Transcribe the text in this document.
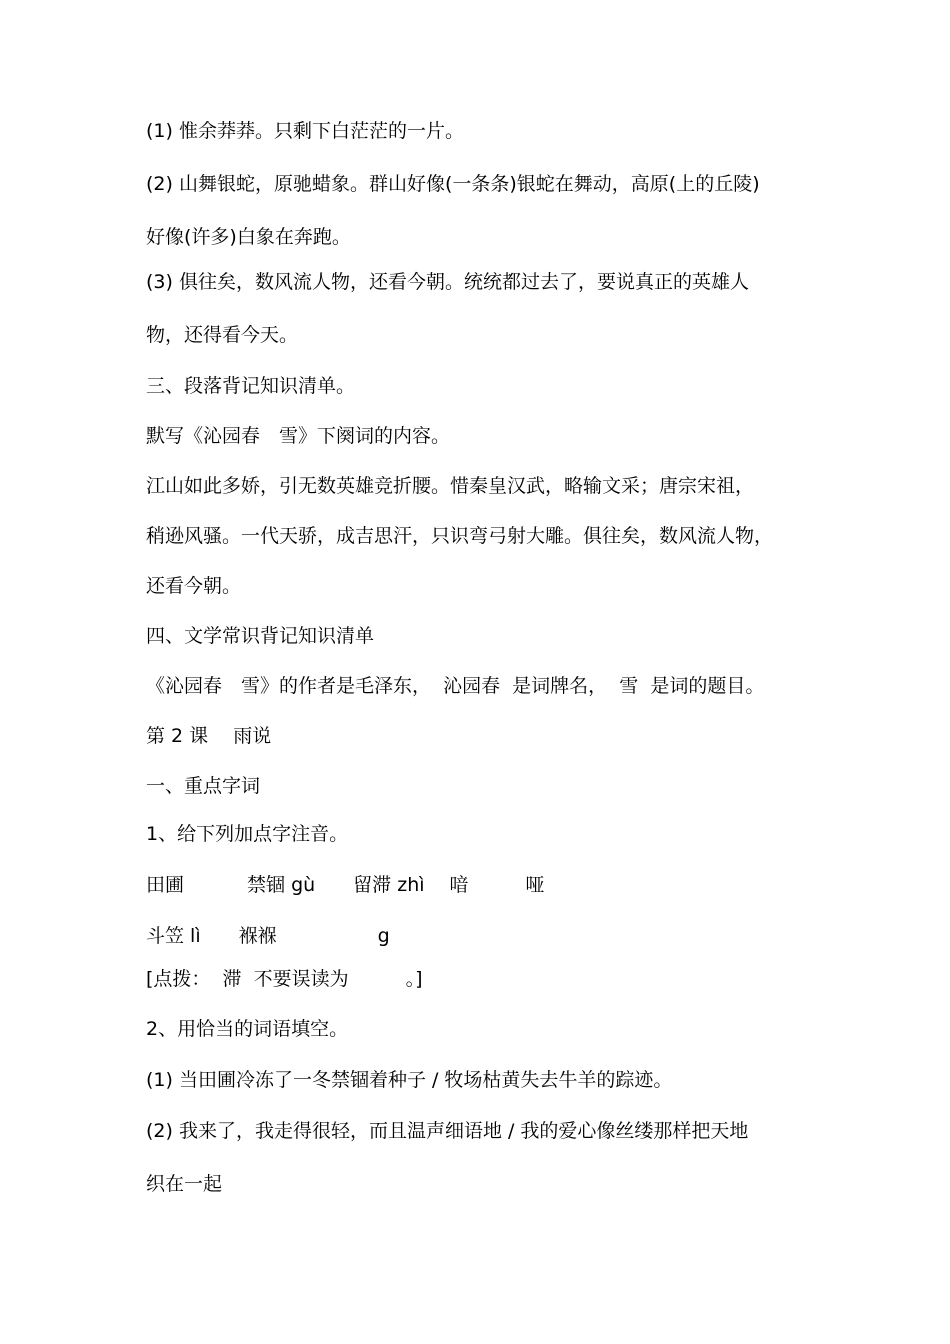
(1) 惟余莽莽。只剩下白茫茫的一片。

(2) 山舞银蛇，原驰蜡象。群山好像(一条条)银蛇在舞动，高原(上的丘陵)

好像(许多)白象在奔跑。

(3) 俱往矣，数风流人物，还看今朝。统统都过去了，要说真正的英雄人

物，还得看今天。

三、段落背记知识清单。

默写《沁园春　雪》下阕词的内容。

江山如此多娇，引无数英雄竞折腰。惜秦皇汉武，略输文采；唐宗宋祖，

稍逊风骚。一代天骄，成吉思汗，只识弯弓射大雕。俱往矣，数风流人物，

还看今朝。

四、文学常识背记知识清单

《沁园春　雪》的作者是毛泽东，  沁园春  是词牌名，  雪  是词的题目。

第 2 课　 雨说

一、重点字词

1、给下列加点字注音。

田圃　　　 禁锢 gù　　留滞 zhì　 喑　　　哑

斗笠 lì　　褓褓　　　　　 g

[点拨：  滞  不要误读为　　　。]

2、用恰当的词语填空。

(1) 当田圃冷冻了一冬禁锢着种子 / 牧场枯黄失去牛羊的踪迹。

(2) 我来了，我走得很轻，而且温声细语地 / 我的爱心像丝缕那样把天地

织在一起
